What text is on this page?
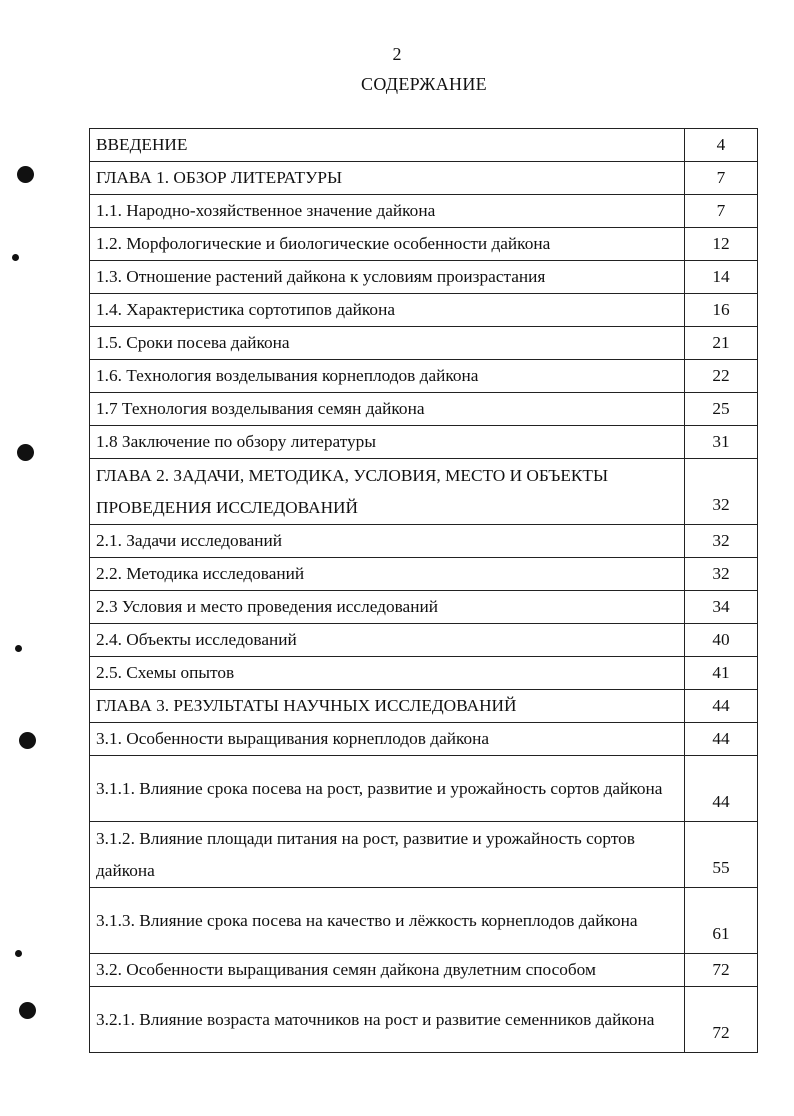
2
СОДЕРЖАНИЕ
ВВЕДЕНИЕ	4
ГЛАВА 1. ОБЗОР ЛИТЕРАТУРЫ	7
1.1. Народно-хозяйственное значение дайкона	7
1.2. Морфологические и биологические особенности дайкона	12
1.3. Отношение растений дайкона к условиям произрастания	14
1.4. Характеристика сортотипов дайкона	16
1.5. Сроки посева дайкона	21
1.6. Технология возделывания корнеплодов дайкона	22
1.7 Технология возделывания семян дайкона	25
1.8 Заключение по обзору литературы	31

ГЛАВА 2. ЗАДАЧИ, МЕТОДИКА, УСЛОВИЯ, МЕСТО И ОБЪЕКТЫ ПРОВЕДЕНИЯ ИССЛЕДОВАНИЙ	32
2.1. Задачи исследований	32
2.2. Методика исследований	32
2.3 Условия и место проведения исследований	34
2.4. Объекты исследований	40
2.5. Схемы опытов	41
ГЛАВА 3. РЕЗУЛЬТАТЫ НАУЧНЫХ ИССЛЕДОВАНИЙ	44
3.1. Особенности выращивания корнеплодов дайкона	44

3.1.1. Влияние срока посева на рост, развитие и урожайность сортов дайкона	44

3.1.2. Влияние площади питания на рост, развитие и урожайность сортов дайкона	55

3.1.3. Влияние срока посева на качество и лёжкость корнеплодов дайкона	61
3.2. Особенности выращивания семян дайкона двулетним способом	72

3.2.1. Влияние возраста маточников на рост и развитие семенников дайкона	72
